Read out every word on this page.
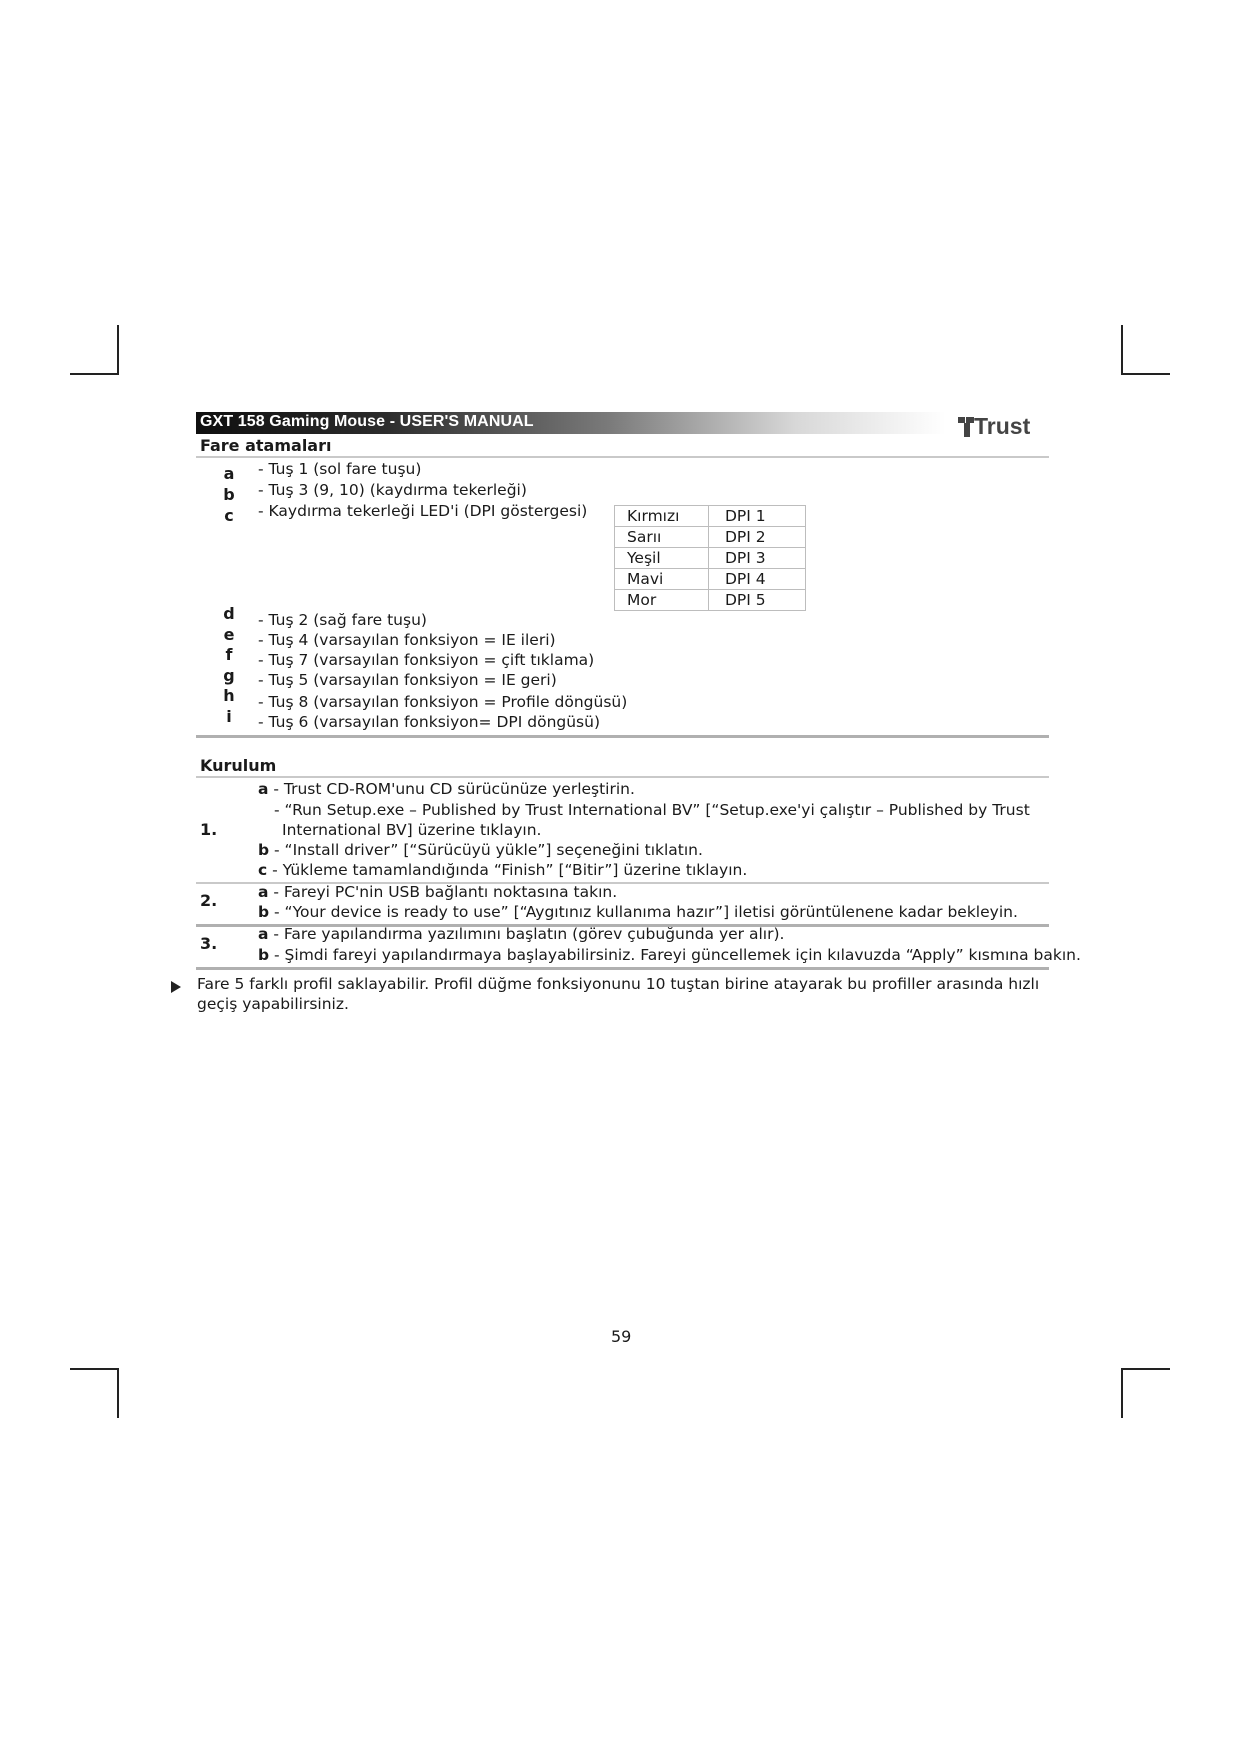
GXT 158 Gaming Mouse - USER'S MANUAL	Trust
Fare atamaları
a - Tuş 1 (sol fare tuşu)
b - Tuş 3 (9, 10) (kaydırma tekerleği)
c - Kaydırma tekerleği LED'i (DPI göstergesi)	Kırmızı	DPI 1
Sarıı	DPI 2
Yeşil	DPI 3
Mavi	DPI 4
Mor	DPI 5
d - Tuş 2 (sağ fare tuşu)
e - Tuş 4 (varsayılan fonksiyon = IE ileri)
f - Tuş 7 (varsayılan fonksiyon = çift tıklama)
g - Tuş 5 (varsayılan fonksiyon = IE geri)
h - Tuş 8 (varsayılan fonksiyon = Profile döngüsü)
i - Tuş 6 (varsayılan fonksiyon= DPI döngüsü)
Kurulum
1.
a - Trust CD-ROM'unu CD sürücünüze yerleştirin.
- “Run Setup.exe – Published by Trust International BV” [“Setup.exe'yi çalıştır – Published by Trust
International BV] üzerine tıklayın.
b - “Install driver” [“Sürücüyü yükle”] seçeneğini tıklatın.
c - Yükleme tamamlandığında “Finish” [“Bitir”] üzerine tıklayın.
2.	a - Fareyi PC'nin USB bağlantı noktasına takın.
b - “Your device is ready to use” [“Aygıtınız kullanıma hazır”] iletisi görüntülenene kadar bekleyin.
3.	a - Fare yapılandırma yazılımını başlatın (görev çubuğunda yer alır).
b - Şimdi fareyi yapılandırmaya başlayabilirsiniz. Fareyi güncellemek için kılavuzda “Apply” kısmına bakın.
Fare 5 farklı profil saklayabilir. Profil düğme fonksiyonunu 10 tuştan birine atayarak bu profiller arasında hızlı
geçiş yapabilirsiniz.
59
